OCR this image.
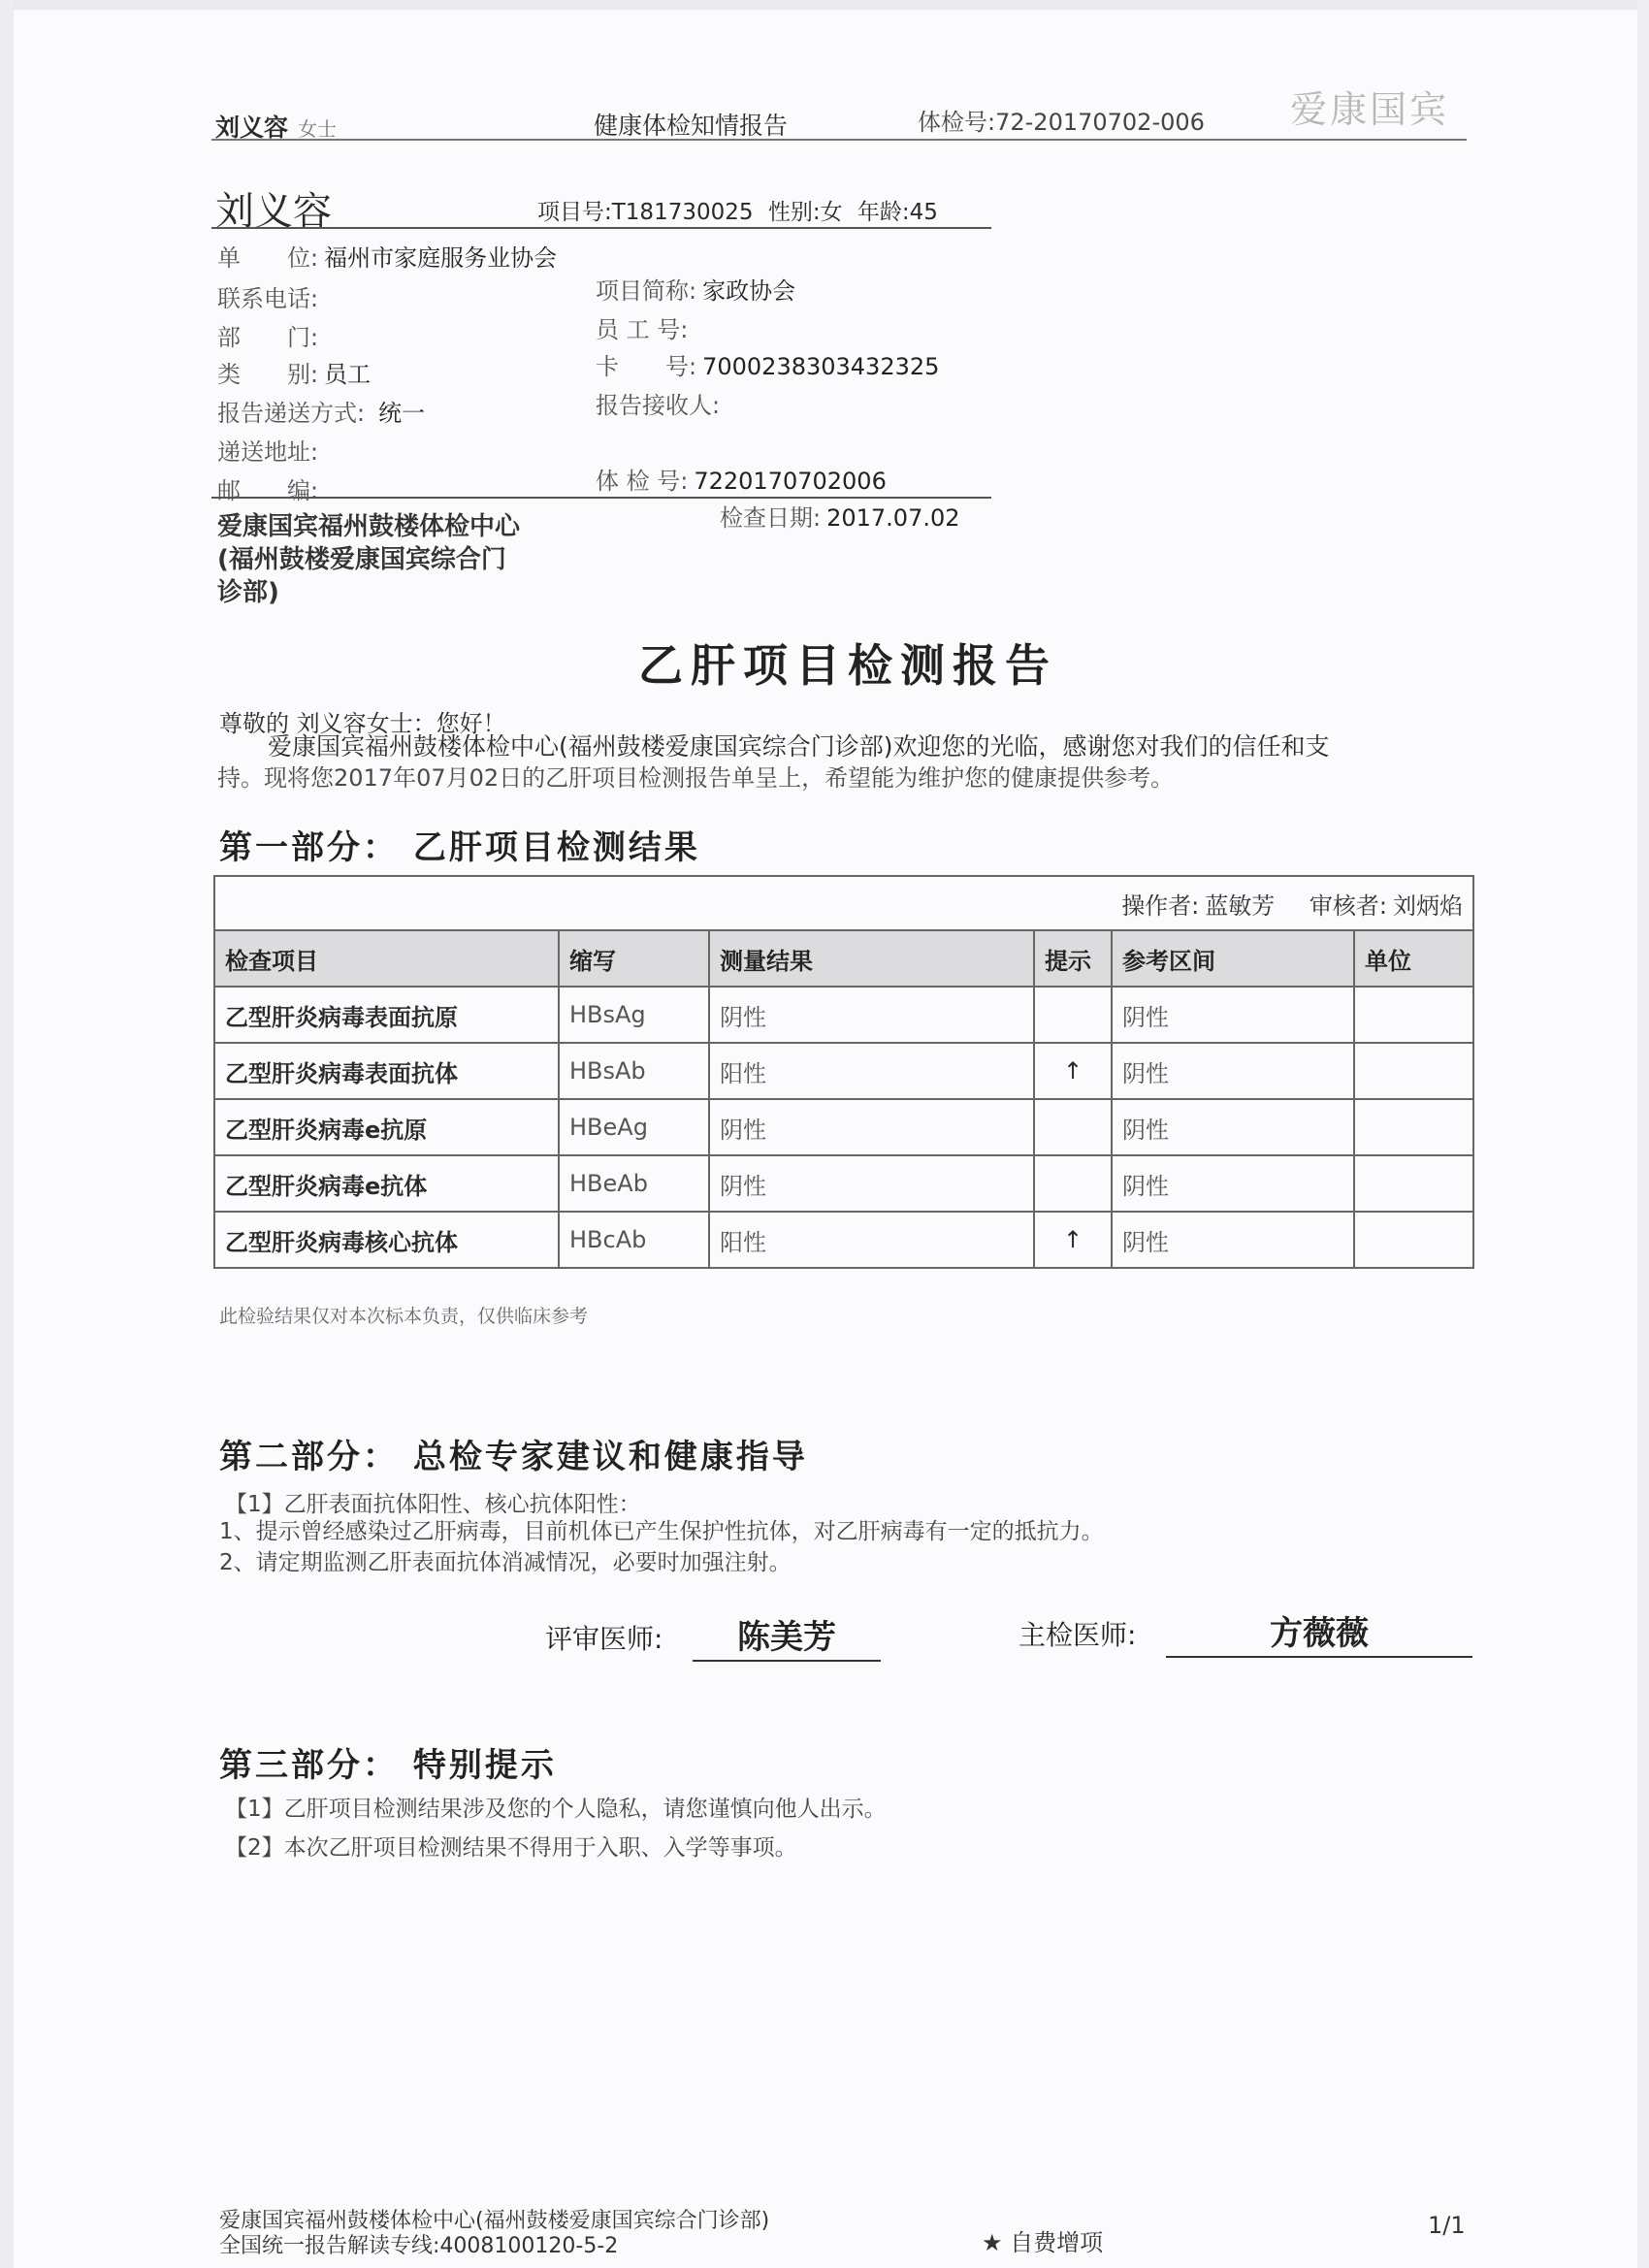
刘义容 女士	健康体检知情报告	体检号:72-20170702-006 爱康国宾
刘义容	项目号:T181730025 性别:女 年龄:45
单　　位: 福州市家庭服务业协会
联系电话:	项目简称: 家政协会
部　　门:	员 工 号:
类　　别: 员工	卡　　号: 7000238303432325
报告递送方式: 统一	报告接收人:
递送地址:
邮　　编:	体 检 号: 7220170702006
爱康国宾福州鼓楼体检中心
(福州鼓楼爱康国宾综合门
诊部)
检查日期: 2017.07.02
乙肝项目检测报告
尊敬的 刘义容女士：您好！
爱康国宾福州鼓楼体检中心(福州鼓楼爱康国宾综合门诊部)欢迎您的光临，感谢您对我们的信任和支
持。现将您2017年07月02日的乙肝项目检测报告单呈上，希望能为维护您的健康提供参考。
第一部分： 乙肝项目检测结果
操作者: 蓝敏芳 审核者: 刘炳焰					
检查项目	缩写	测量结果	提示	参考区间	单位
乙型肝炎病毒表面抗原	HBsAg	阴性		阴性	
乙型肝炎病毒表面抗体	HBsAb	阳性	↑	阴性	
乙型肝炎病毒e抗原	HBeAg	阴性		阴性	
乙型肝炎病毒e抗体	HBeAb	阴性		阴性	
乙型肝炎病毒核心抗体	HBcAb	阳性	↑	阴性	
此检验结果仅对本次标本负责，仅供临床参考
第二部分： 总检专家建议和健康指导
【1】乙肝表面抗体阳性、核心抗体阳性：
1、提示曾经感染过乙肝病毒，目前机体已产生保护性抗体，对乙肝病毒有一定的抵抗力。
2、请定期监测乙肝表面抗体消减情况，必要时加强注射。
评审医师:	陈美芳	主检医师:	方薇薇
第三部分： 特别提示
【1】乙肝项目检测结果涉及您的个人隐私，请您谨慎向他人出示。
【2】本次乙肝项目检测结果不得用于入职、入学等事项。
爱康国宾福州鼓楼体检中心(福州鼓楼爱康国宾综合门诊部)
全国统一报告解读专线:4008100120-5-2	★ 自费增项
1/1
